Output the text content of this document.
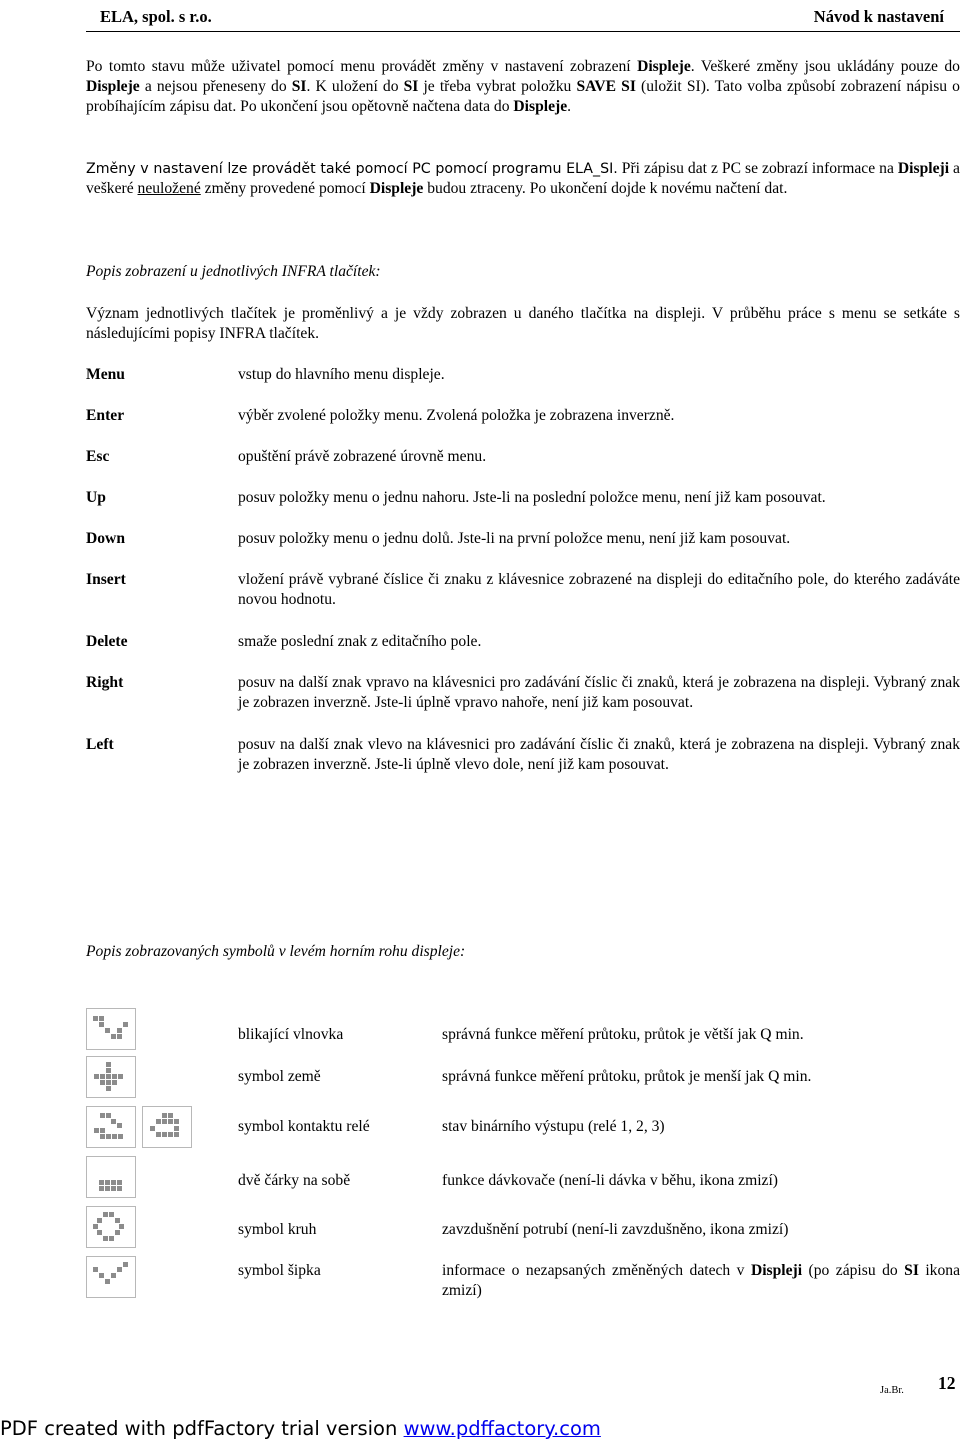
ELA, spol. s r.o.	Návod k nastavení
Po tomto stavu může uživatel pomocí menu provádět změny v nastavení zobrazení Displeje. Veškeré změny jsou ukládány pouze do Displeje a nejsou přeneseny do SI. K uložení do SI je třeba vybrat položku SAVE SI (uložit SI). Tato volba způsobí zobrazení nápisu o probíhajícím zápisu dat. Po ukončení jsou opětovně načtena data do Displeje.
Změny v nastavení lze provádět také pomocí PC pomocí programu ELA_SI. Při zápisu dat z PC se zobrazí informace na Displeji a veškeré neuložené změny provedené pomocí Displeje budou ztraceny. Po ukončení dojde k novému načtení dat.
Popis zobrazení u jednotlivých INFRA tlačítek:
Význam jednotlivých tlačítek je proměnlivý a je vždy zobrazen u daného tlačítka na displeji. V průběhu práce s menu se setkáte s následujícími popisy INFRA tlačítek.
Menu	vstup do hlavního menu displeje.
Enter	výběr zvolené položky menu. Zvolená položka je zobrazena inverzně.
Esc	opuštění právě zobrazené úrovně menu.
Up	posuv položky menu o jednu nahoru. Jste-li na poslední položce menu, není již kam posouvat.
Down	posuv položky menu o jednu dolů. Jste-li na první položce menu, není již kam posouvat.
Insert	vložení právě vybrané číslice či znaku z klávesnice zobrazené na displeji do editačního pole, do kterého zadáváte novou hodnotu.
Delete	smaže poslední znak z editačního pole.
Right	posuv na další znak vpravo na klávesnici pro zadávání číslic či znaků, která je zobrazena na displeji. Vybraný znak je zobrazen inverzně. Jste-li úplně vpravo nahoře, není již kam posouvat.
Left	posuv na další znak vlevo na klávesnici pro zadávání číslic či znaků, která je zobrazena na displeji. Vybraný znak je zobrazen inverzně. Jste-li úplně vlevo dole, není již kam posouvat.
Popis zobrazovaných symbolů v levém horním rohu displeje:
blikající vlnovka	správná funkce měření průtoku, průtok je větší jak Q min.
symbol země	správná funkce měření průtoku, průtok je menší jak Q min.
symbol kontaktu relé	stav binárního výstupu (relé 1, 2, 3)
dvě čárky na sobě	funkce dávkovače (není-li dávka v běhu, ikona zmizí)
symbol kruh	zavzdušnění potrubí (není-li zavzdušněno, ikona zmizí)
symbol šipka	informace o nezapsaných změněných datech v Displeji (po zápisu do SI ikona zmizí)
Ja.Br. 12
PDF created with pdfFactory trial version www.pdffactory.com
